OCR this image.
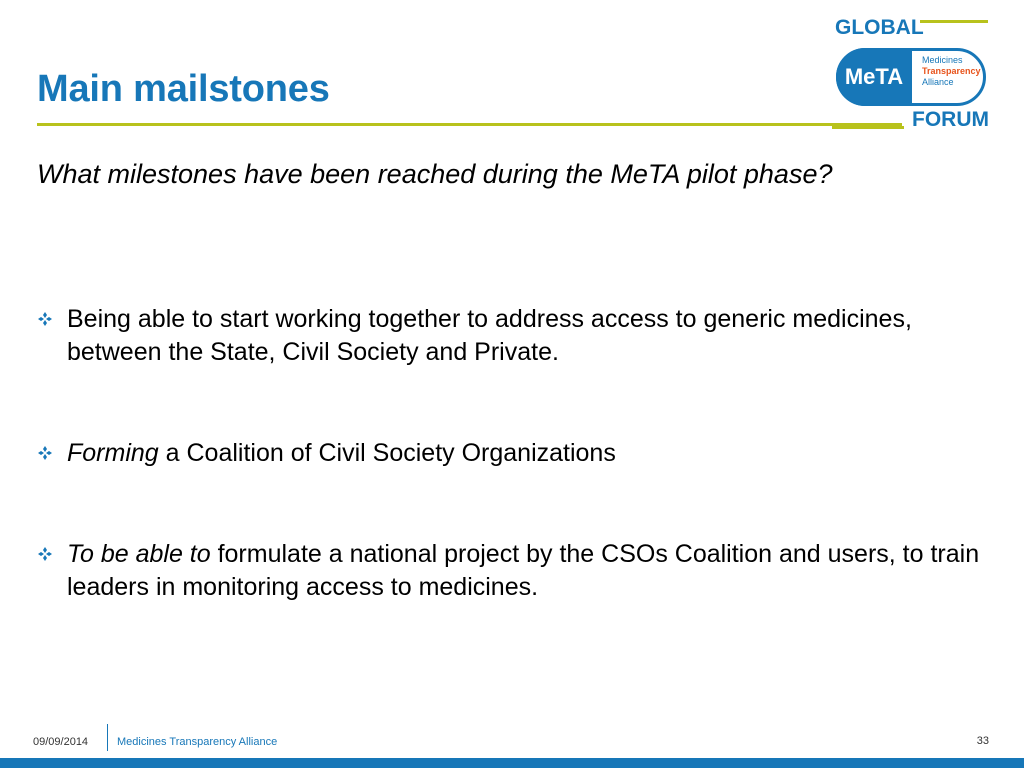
GLOBAL
MeTA
Medicines
Transparency
Alliance
FORUM
Main mailstones

What milestones have been reached during the MeTA pilot phase?

Being able to start working together to address access to generic medicines, between the State, Civil Society and Private.
Forming a Coalition of Civil Society Organizations
To be able to formulate a national project by the CSOs Coalition and users, to train leaders in monitoring access to medicines.
09/09/2014	Medicines Transparency Alliance	33
